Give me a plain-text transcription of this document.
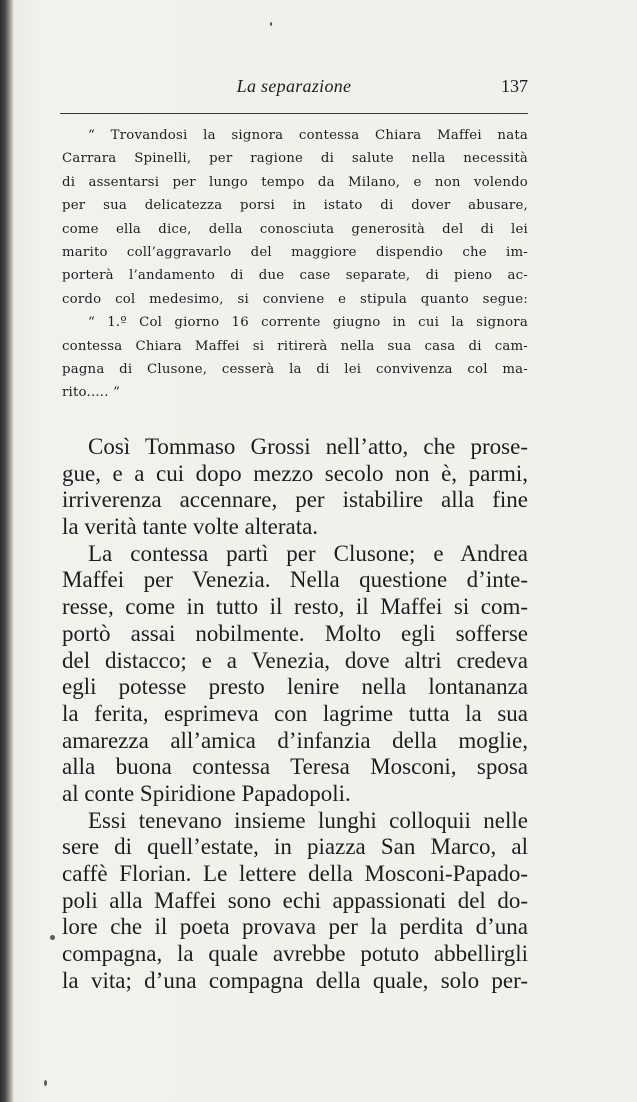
La separazione	137
“ Trovandosi la signora contessa Chiara Maffei nata
Carrara Spinelli, per ragione di salute nella necessità
di assentarsi per lungo tempo da Milano, e non volendo
per sua delicatezza porsi in istato di dover abusare,
come ella dice, della conosciuta generosità del di lei
marito coll’aggravarlo del maggiore dispendio che im-
porterà l’andamento di due case separate, di pieno ac-
cordo col medesimo, si conviene e stipula quanto segue:
“ 1.º Col giorno 16 corrente giugno in cui la signora
contessa Chiara Maffei si ritirerà nella sua casa di cam-
pagna di Clusone, cesserà la di lei convivenza col ma-
rito..... ”
Così Tommaso Grossi nell’atto, che prose-
gue, e a cui dopo mezzo secolo non è, parmi,
irriverenza accennare, per istabilire alla fine
la verità tante volte alterata.
La contessa partì per Clusone; e Andrea
Maffei per Venezia. Nella questione d’inte-
resse, come in tutto il resto, il Maffei si com-
portò assai nobilmente. Molto egli sofferse
del distacco; e a Venezia, dove altri credeva
egli potesse presto lenire nella lontananza
la ferita, esprimeva con lagrime tutta la sua
amarezza all’amica d’infanzia della moglie,
alla buona contessa Teresa Mosconi, sposa
al conte Spiridione Papadopoli.
Essi tenevano insieme lunghi colloquii nelle
sere di quell’estate, in piazza San Marco, al
caffè Florian. Le lettere della Mosconi-Papado-
poli alla Maffei sono echi appassionati del do-
lore che il poeta provava per la perdita d’una
compagna, la quale avrebbe potuto abbellirgli
la vita; d’una compagna della quale, solo per-
